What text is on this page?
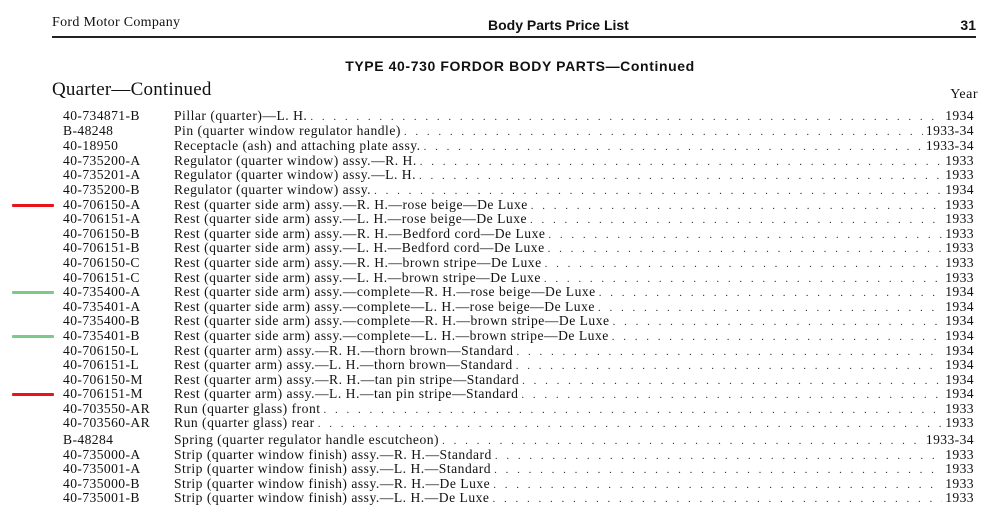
Ford Motor Company	Body Parts Price List	31
TYPE 40-730 FORDOR BODY PARTS—Continued
Quarter—Continued	Year
40-734871-B	Pillar (quarter)—L. H. . . .	1934
B-48248	Pin (quarter window regulator handle) . . .	1933-34
40-18950	Receptacle (ash) and attaching plate assy. . . .	1933-34
40-735200-A	Regulator (quarter window) assy.—R. H. . . .	1933
40-735201-A	Regulator (quarter window) assy.—L. H. . . .	1933
40-735200-B	Regulator (quarter window) assy. . . .	1934
40-706150-A	Rest (quarter side arm) assy.—R. H.—rose beige—De Luxe . . .	1933
40-706151-A	Rest (quarter side arm) assy.—L. H.—rose beige—De Luxe . . .	1933
40-706150-B	Rest (quarter side arm) assy.—R. H.—Bedford cord—De Luxe . . .	1933
40-706151-B	Rest (quarter side arm) assy.—L. H.—Bedford cord—De Luxe . . .	1933
40-706150-C	Rest (quarter side arm) assy.—R. H.—brown stripe—De Luxe . . .	1933
40-706151-C	Rest (quarter side arm) assy.—L. H.—brown stripe—De Luxe . . .	1933
40-735400-A	Rest (quarter side arm) assy.—complete—R. H.—rose beige—De Luxe . . .	1934
40-735401-A	Rest (quarter side arm) assy.—complete—L. H.—rose beige—De Luxe . . .	1934
40-735400-B	Rest (quarter side arm) assy.—complete—R. H.—brown stripe—De Luxe . . .	1934
40-735401-B	Rest (quarter side arm) assy.—complete—L. H.—brown stripe—De Luxe . . .	1934
40-706150-L	Rest (quarter arm) assy.—R. H.—thorn brown—Standard . . .	1934
40-706151-L	Rest (quarter arm) assy.—L. H.—thorn brown—Standard . . .	1934
40-706150-M	Rest (quarter arm) assy.—R. H.—tan pin stripe—Standard . . .	1934
40-706151-M	Rest (quarter arm) assy.—L. H.—tan pin stripe—Standard . . .	1934
40-703550-AR	Run (quarter glass) front . . .	1933
40-703560-AR	Run (quarter glass) rear . . .	1933
B-48284	Spring (quarter regulator handle escutcheon) . . .	1933-34
40-735000-A	Strip (quarter window finish) assy.—R. H.—Standard . . .	1933
40-735001-A	Strip (quarter window finish) assy.—L. H.—Standard . . .	1933
40-735000-B	Strip (quarter window finish) assy.—R. H.—De Luxe . . .	1933
40-735001-B	Strip (quarter window finish) assy.—L. H.—De Luxe . . .	1933
